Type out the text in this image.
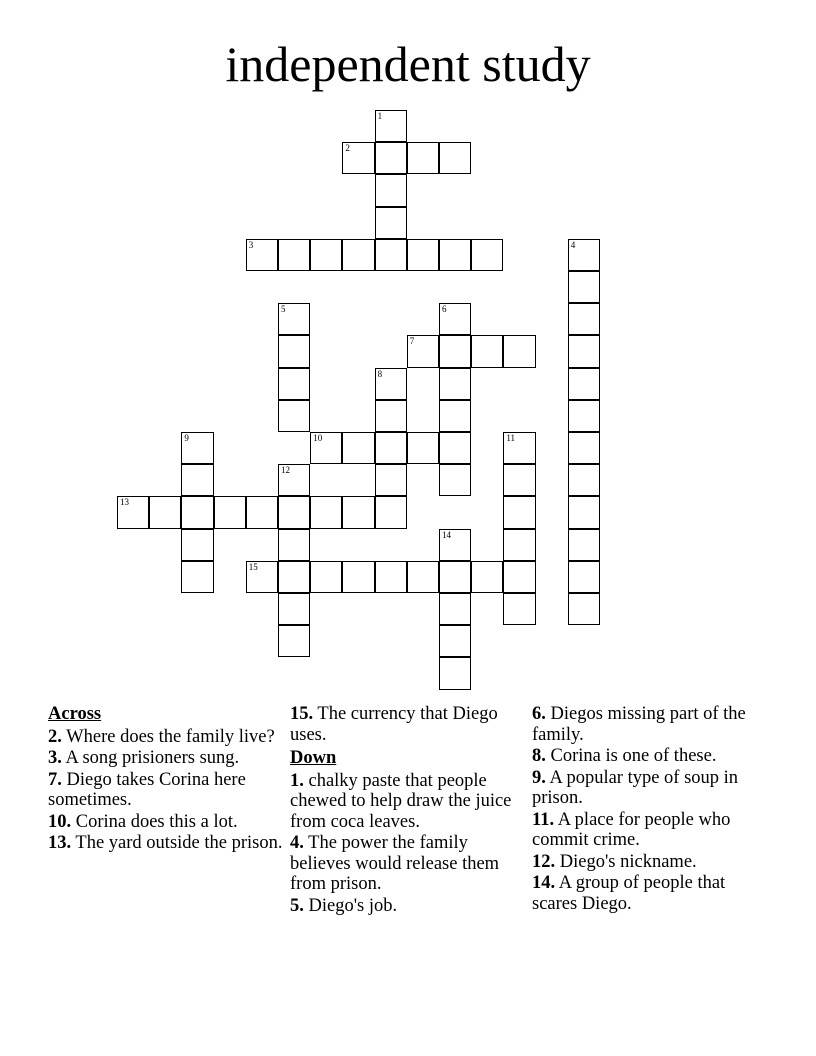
independent study
1
2
3	4
5	6
7
8
9	10	11
12
13
14
15
Across
2. Where does the family live?
3. A song prisioners sung.
7. Diego takes Corina here sometimes.
10. Corina does this a lot.
13. The yard outside the prison.
15. The currency that Diego uses.
Down
1. chalky paste that people chewed to help draw the juice from coca leaves.
4. The power the family believes would release them from prison.
5. Diego's job.
6. Diegos missing part of the family.
8. Corina is one of these.
9. A popular type of soup in prison.
11. A place for people who commit crime.
12. Diego's nickname.
14. A group of people that scares Diego.
